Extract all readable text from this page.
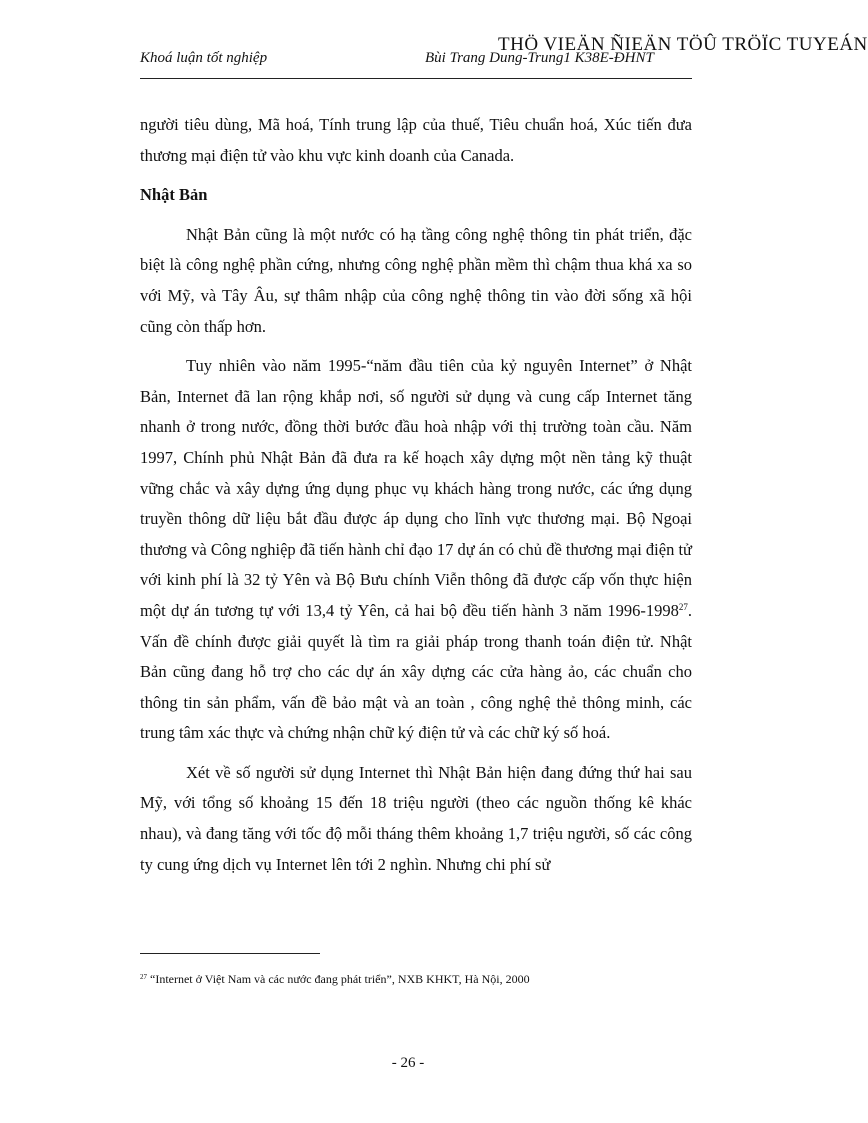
THÖ VIEÄN ÑIEÄN TÖÛ TRÖÏC TUYEÁN
Khoá luận tốt nghiệp	Bùi Trang Dung-Trung1 K38E-ĐHNT

người tiêu dùng, Mã hoá, Tính trung lập của thuế, Tiêu chuẩn hoá, Xúc tiến đưa thương mại điện tử vào khu vực kinh doanh của Canada.

Nhật Bản

Nhật Bản cũng là một nước có hạ tầng công nghệ thông tin phát triển, đặc biệt là công nghệ phần cứng, nhưng công nghệ phần mềm thì chậm thua khá xa so với Mỹ, và Tây Âu, sự thâm nhập của công nghệ thông tin vào đời sống xã hội cũng còn thấp hơn.

Tuy nhiên vào năm 1995-“năm đầu tiên của kỷ nguyên Internet” ở Nhật Bản, Internet đã lan rộng khắp nơi, số người sử dụng và cung cấp Internet tăng nhanh ở trong nước, đồng thời bước đầu hoà nhập với thị trường toàn cầu. Năm 1997, Chính phủ Nhật Bản đã đưa ra kế hoạch xây dựng một nền tảng kỹ thuật vững chắc và xây dựng ứng dụng phục vụ khách hàng trong nước, các ứng dụng truyền thông dữ liệu bắt đầu được áp dụng cho lĩnh vực thương mại. Bộ Ngoại thương và Công nghiệp đã tiến hành chỉ đạo 17 dự án có chủ đề thương mại điện tử với kinh phí là 32 tỷ Yên và Bộ Bưu chính Viễn thông đã được cấp vốn thực hiện một dự án tương tự với 13,4 tỷ Yên, cả hai bộ đều tiến hành 3 năm 1996-1998$^{27}$. Vấn đề chính được giải quyết là tìm ra giải pháp trong thanh toán điện tử. Nhật Bản cũng đang hỗ trợ cho các dự án xây dựng các cửa hàng ảo, các chuẩn cho thông tin sản phẩm, vấn đề bảo mật và an toàn , công nghệ thẻ thông minh, các trung tâm xác thực và chứng nhận chữ ký điện tử và các chữ ký số hoá.

Xét về số người sử dụng Internet thì Nhật Bản hiện đang đứng thứ hai sau Mỹ, với tổng số khoảng 15 đến 18 triệu người (theo các nguồn thống kê khác nhau), và đang tăng với tốc độ mỗi tháng thêm khoảng 1,7 triệu người, số các công ty cung ứng dịch vụ Internet lên tới 2 nghìn. Nhưng chi phí sử

$^{27}$ “Internet ở Việt Nam và các nước đang phát triển”, NXB KHKT, Hà Nội, 2000
- 26 -
